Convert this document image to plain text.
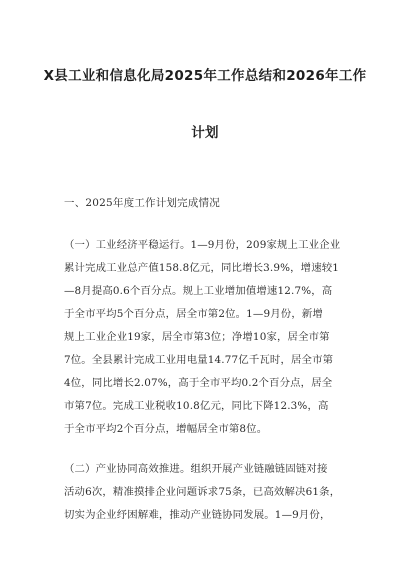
X县工业和信息化局2025年工作总结和2026年工作
计划
一、2025年度工作计划完成情况
（一）工业经济平稳运行。1—9月份，209家规上工业企业
累计完成工业总产值158.8亿元，同比增长3.9%，增速较1
—8月提高0.6个百分点。规上工业增加值增速12.7%，高
于全市平均5个百分点，居全市第2位。1—9月份，新增
规上工业企业19家，居全市第3位；净增10家，居全市第
7位。全县累计完成工业用电量14.77亿千瓦时，居全市第
4位，同比增长2.07%，高于全市平均0.2个百分点，居全
市第7位。完成工业税收10.8亿元，同比下降12.3%，高
于全市平均2个百分点，增幅居全市第8位。
（二）产业协同高效推进。组织开展产业链融链固链对接
活动6次，精准摸排企业问题诉求75条，已高效解决61条，
切实为企业纾困解难，推动产业链协同发展。1—9月份，
